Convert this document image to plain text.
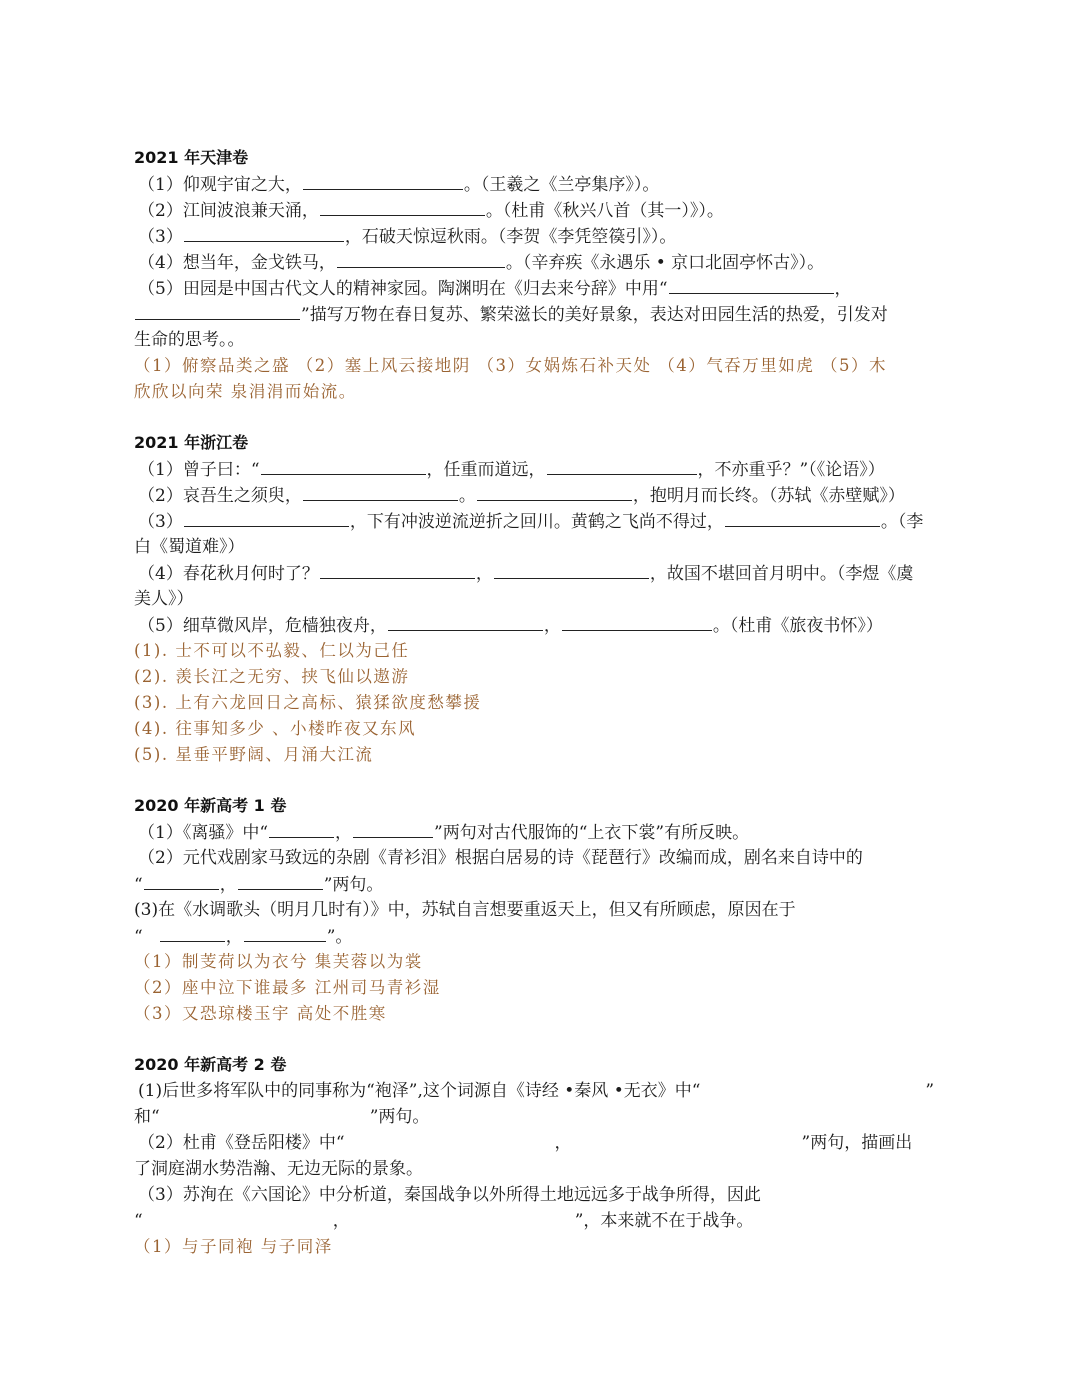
2021 年天津卷
（1）仰观宇宙之大，	。（王羲之《兰亭集序》）。
（2）江间波浪兼天涌，	。（杜甫《秋兴八首（其一）》）。
（3）	，石破天惊逗秋雨。（李贺《李凭箜篌引》）。
（4）想当年，金戈铁马，	。（辛弃疾《永遇乐 • 京口北固亭怀古》）。
（5）田园是中国古代文人的精神家园。陶渊明在《归去来兮辞》中用“	，
”描写万物在春日复苏、繁荣滋长的美好景象，表达对田园生活的热爱，引发对
生命的思考。。
（1）俯察品类之盛 （2）塞上风云接地阴 （3）女娲炼石补天处 （4）气吞万里如虎 （5）木
欣欣以向荣 泉涓涓而始流。
2021 年浙江卷
（1）曾子曰：“	，任重而道远，	，不亦重乎？”（《论语》）
（2）哀吾生之须臾，	。	，抱明月而长终。（苏轼《赤壁赋》）
（3）	，下有冲波逆流逆折之回川。黄鹤之飞尚不得过，	。（李
白《蜀道难》）
（4）春花秋月何时了？	，	，故国不堪回首月明中。（李煜《虞
美人》）
（5）细草微风岸，危樯独夜舟，	，	。（杜甫《旅夜书怀》）
(1). 士不可以不弘毅、仁以为己任
(2). 羡长江之无穷、挟飞仙以遨游
(3). 上有六龙回日之高标、猿猱欲度愁攀援
(4). 往事知多少 、小楼昨夜又东风
(5). 星垂平野阔、月涌大江流
2020 年新高考 1 卷
（1）《离骚》中“	，	”两句对古代服饰的“上衣下裳”有所反映。
（2）元代戏剧家马致远的杂剧《青衫泪》根据白居易的诗《琵琶行》改编而成，剧名来自诗中的
“	，	”两句。
(3)在《水调歌头（明月几时有）》中，苏轼自言想要重返天上，但又有所顾虑，原因在于
“	，	”。
（1）制芰荷以为衣兮 集芙蓉以为裳
（2）座中泣下谁最多 江州司马青衫湿
（3）又恐琼楼玉宇 高处不胜寒
2020 年新高考 2 卷
(1)后世多将军队中的同事称为“袍泽”,这个词源自《诗经 •秦风 •无衣》中“	”
和“	”两句。
（2）杜甫《登岳阳楼》中“	，	”两句，描画出
了洞庭湖水势浩瀚、无边无际的景象。
（3）苏洵在《六国论》中分析道，秦国战争以外所得土地远远多于战争所得，因此
“	，	”，本来就不在于战争。
（1）与子同袍 与子同泽
